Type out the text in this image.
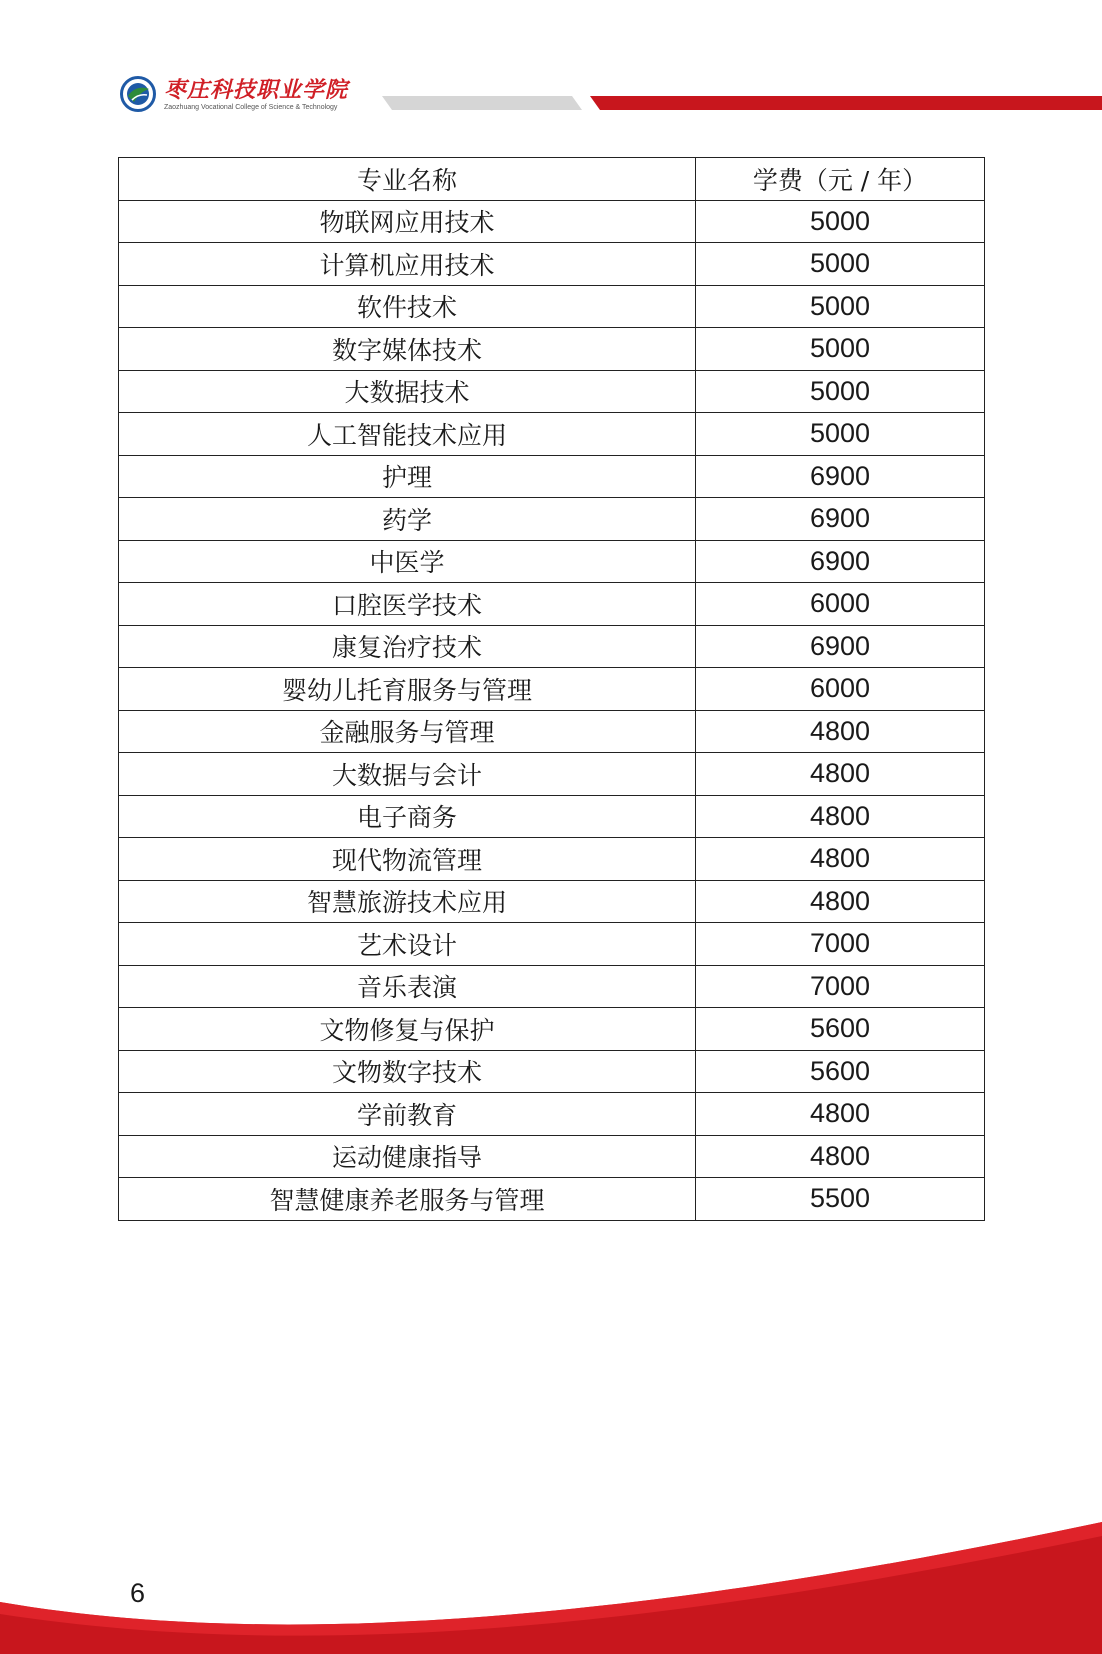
枣庄科技职业学院
Zaozhuang Vocational College of Science & Technology
专业名称	学费（元 / 年）
物联网应用技术	5000
计算机应用技术	5000
软件技术	5000
数字媒体技术	5000
大数据技术	5000
人工智能技术应用	5000
护理	6900
药学	6900
中医学	6900
口腔医学技术	6000
康复治疗技术	6900
婴幼儿托育服务与管理	6000
金融服务与管理	4800
大数据与会计	4800
电子商务	4800
现代物流管理	4800
智慧旅游技术应用	4800
艺术设计	7000
音乐表演	7000
文物修复与保护	5600
文物数字技术	5600
学前教育	4800
运动健康指导	4800
智慧健康养老服务与管理	5500
6
